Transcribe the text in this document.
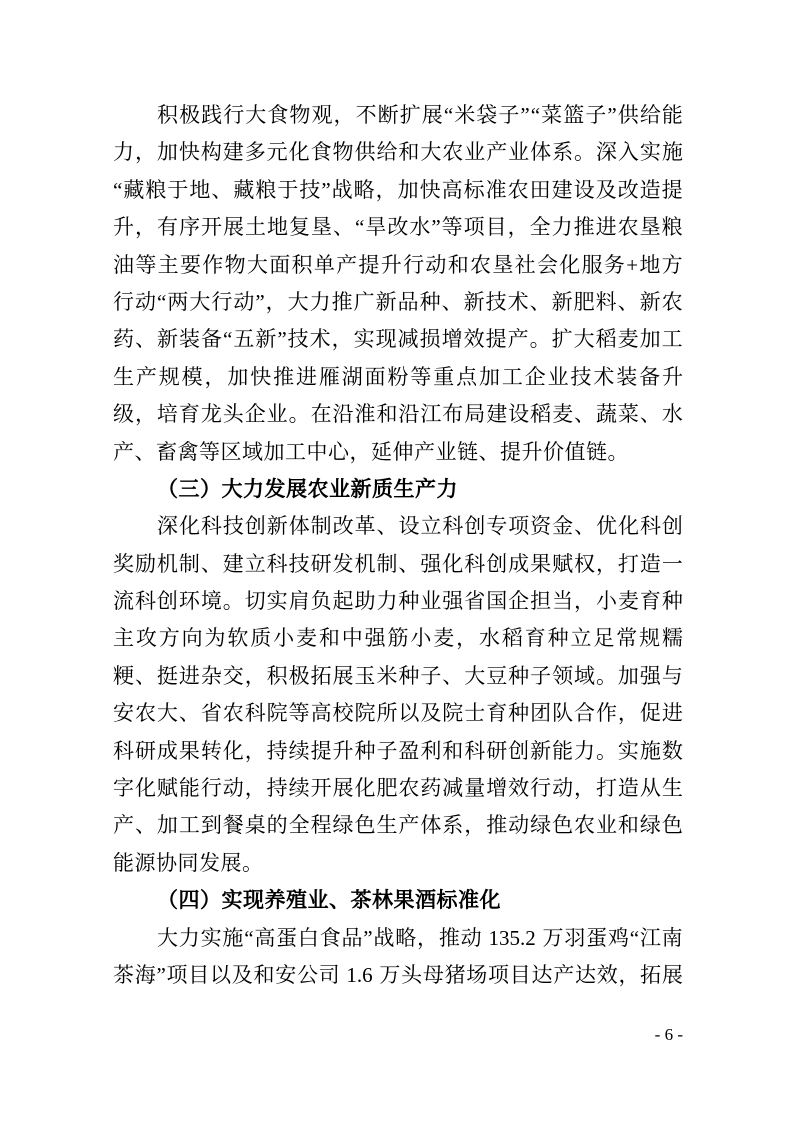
积 极 践 行 大 食 物 观 ， 不 断 扩 展 “ 米 袋 子 ” “ 菜 篮 子 ” 供 给 能
力 ， 加 快 构 建 多 元 化 食 物 供 给 和 大 农 业 产 业 体 系 。 深 入 实 施
“ 藏 粮 于 地 、 藏 粮 于 技 ” 战 略 ， 加 快 高 标 准 农 田 建 设 及 改 造 提
升 ， 有 序 开 展 土 地 复 垦 、 “ 旱 改 水 ” 等 项 目 ， 全 力 推 进 农 垦 粮
油 等 主 要 作 物 大 面 积 单 产 提 升 行 动 和 农 垦 社 会 化 服 务 + 地 方
行 动 “ 两 大 行 动 ” ， 大 力 推 广 新 品 种 、 新 技 术 、 新 肥 料 、 新 农
药 、 新 装 备 “ 五 新 ” 技 术 ， 实 现 减 损 增 效 提 产 。 扩 大 稻 麦 加 工
生 产 规 模 ， 加 快 推 进 雁 湖 面 粉 等 重 点 加 工 企 业 技 术 装 备 升
级 ， 培 育 龙 头 企 业 。 在 沿 淮 和 沿 江 布 局 建 设 稻 麦 、 蔬 菜 、 水
产、畜禽等区域加工中心，延伸产业链、提升价值链。
（三）大力发展农业新质生产力
深 化 科 技 创 新 体 制 改 革 、 设 立 科 创 专 项 资 金 、 优 化 科 创
奖 励 机 制 、 建 立 科 技 研 发 机 制 、 强 化 科 创 成 果 赋 权 ， 打 造 一
流 科 创 环 境 。 切 实 肩 负 起 助 力 种 业 强 省 国 企 担 当 ， 小 麦 育 种
主 攻 方 向 为 软 质 小 麦 和 中 强 筋 小 麦 ， 水 稻 育 种 立 足 常 规 糯
粳 、 挺 进 杂 交 ， 积 极 拓 展 玉 米 种 子 、 大 豆 种 子 领 域 。 加 强 与
安 农 大 、 省 农 科 院 等 高 校 院 所 以 及 院 士 育 种 团 队 合 作 ， 促 进
科 研 成 果 转 化 ， 持 续 提 升 种 子 盈 利 和 科 研 创 新 能 力 。 实 施 数
字 化 赋 能 行 动 ， 持 续 开 展 化 肥 农 药 减 量 增 效 行 动 ， 打 造 从 生
产 、 加 工 到 餐 桌 的 全 程 绿 色 生 产 体 系 ， 推 动 绿 色 农 业 和 绿 色
能源协同发展。
（四）实现养殖业、茶林果酒标准化
大 力 实 施 “ 高 蛋 白 食 品 ” 战 略 ， 推 动
135.2
万 羽 蛋 鸡 “ 江 南
茶 海 ” 项 目 以 及 和 安 公 司
1.6
万 头 母 猪 场 项 目 达 产 达 效 ， 拓 展
- 6 -
